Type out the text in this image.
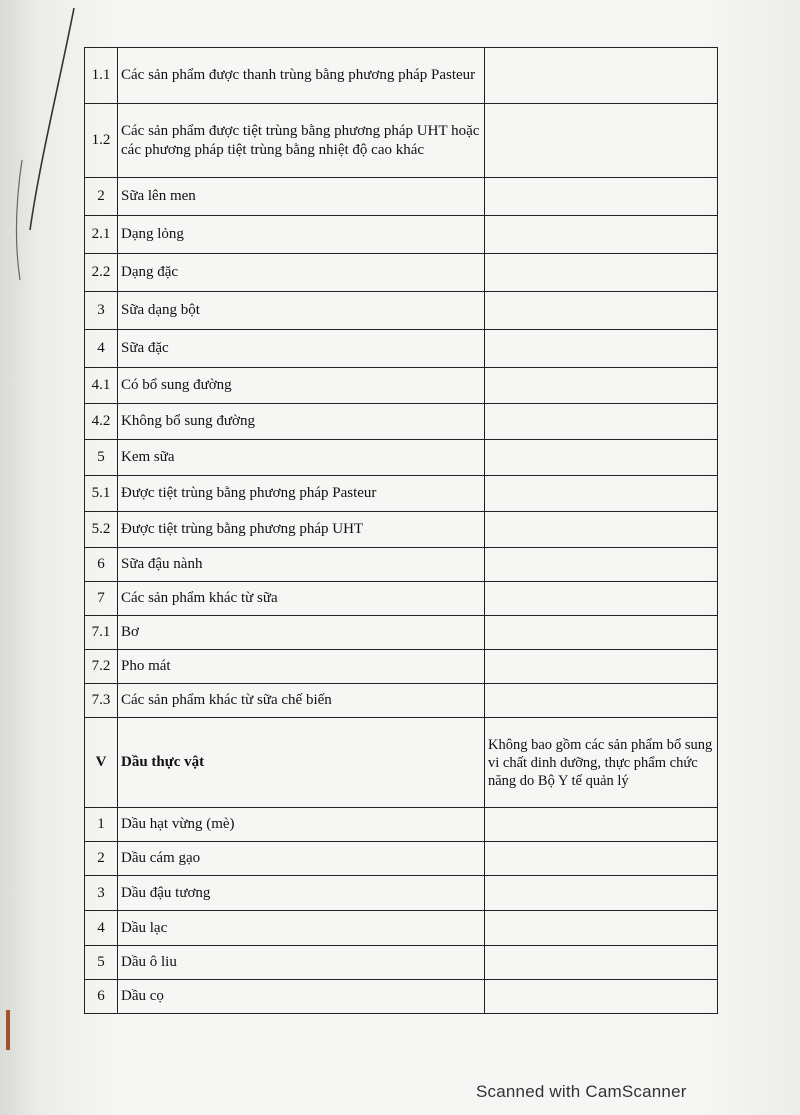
1.1	Các sản phẩm được thanh trùng bằng phương pháp Pasteur	
1.2	Các sản phẩm được tiệt trùng bằng phương pháp UHT hoặc các phương pháp tiệt trùng bằng nhiệt độ cao khác	
2	Sữa lên men	
2.1	Dạng lỏng	
2.2	Dạng đặc	
3	Sữa dạng bột	
4	Sữa đặc	
4.1	Có bổ sung đường	
4.2	Không bổ sung đường	
5	Kem sữa	
5.1	Được tiệt trùng bằng phương pháp Pasteur	
5.2	Được tiệt trùng bằng phương pháp UHT	
6	Sữa đậu nành	
7	Các sản phẩm khác từ sữa	
7.1	Bơ	
7.2	Pho mát	
7.3	Các sản phẩm khác từ sữa chế biến	
V	Dầu thực vật	Không bao gồm các sản phẩm bổ sung vi chất dinh dưỡng, thực phẩm chức năng do Bộ Y tế quản lý
1	Dầu hạt vừng (mè)	
2	Dầu cám gạo	
3	Dầu đậu tương	
4	Dầu lạc	
5	Dầu ô liu	
6	Dầu cọ	
Scanned with CamScanner
